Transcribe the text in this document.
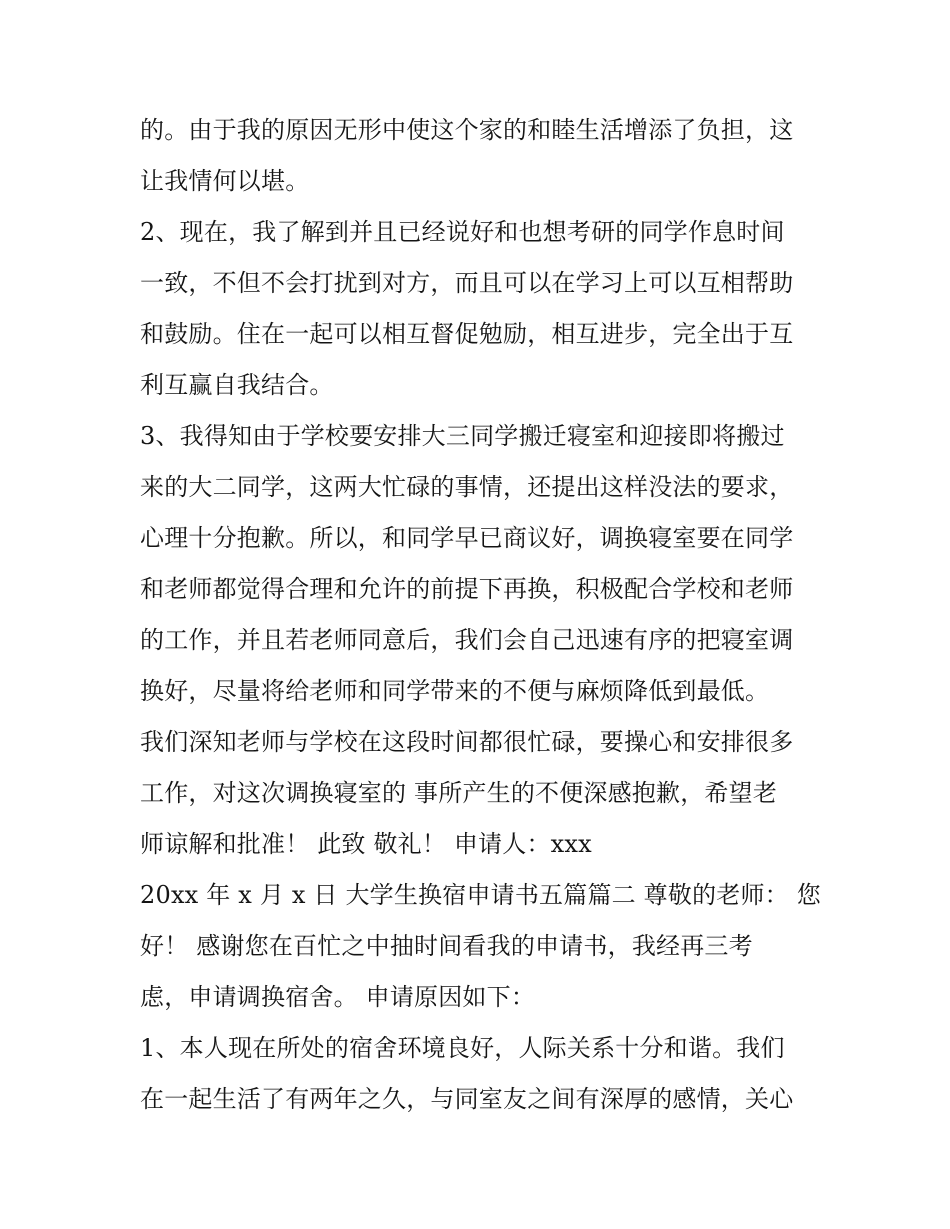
的。由于我的原因无形中使这个家的和睦生活增添了负担，这
让我情何以堪。
2、现在，我了解到并且已经说好和也想考研的同学作息时间
一致，不但不会打扰到对方，而且可以在学习上可以互相帮助
和鼓励。住在一起可以相互督促勉励，相互进步，完全出于互
利互赢自我结合。
3、我得知由于学校要安排大三同学搬迁寝室和迎接即将搬过
来的大二同学，这两大忙碌的事情，还提出这样没法的要求，
心理十分抱歉。所以，和同学早已商议好，调换寝室要在同学
和老师都觉得合理和允许的前提下再换，积极配合学校和老师
的工作，并且若老师同意后，我们会自己迅速有序的把寝室调
换好，尽量将给老师和同学带来的不便与麻烦降低到最低。
我们深知老师与学校在这段时间都很忙碌，要操心和安排很多
工作，对这次调换寝室的 事所产生的不便深感抱歉，希望老
师谅解和批准！ 此致 敬礼！ 申请人：xxx
20xx 年 x 月 x 日 大学生换宿申请书五篇篇二 尊敬的老师： 您
好！ 感谢您在百忙之中抽时间看我的申请书，我经再三考
虑，申请调换宿舍。 申请原因如下：
1、本人现在所处的宿舍环境良好，人际关系十分和谐。我们
在一起生活了有两年之久，与同室友之间有深厚的感情，关心
